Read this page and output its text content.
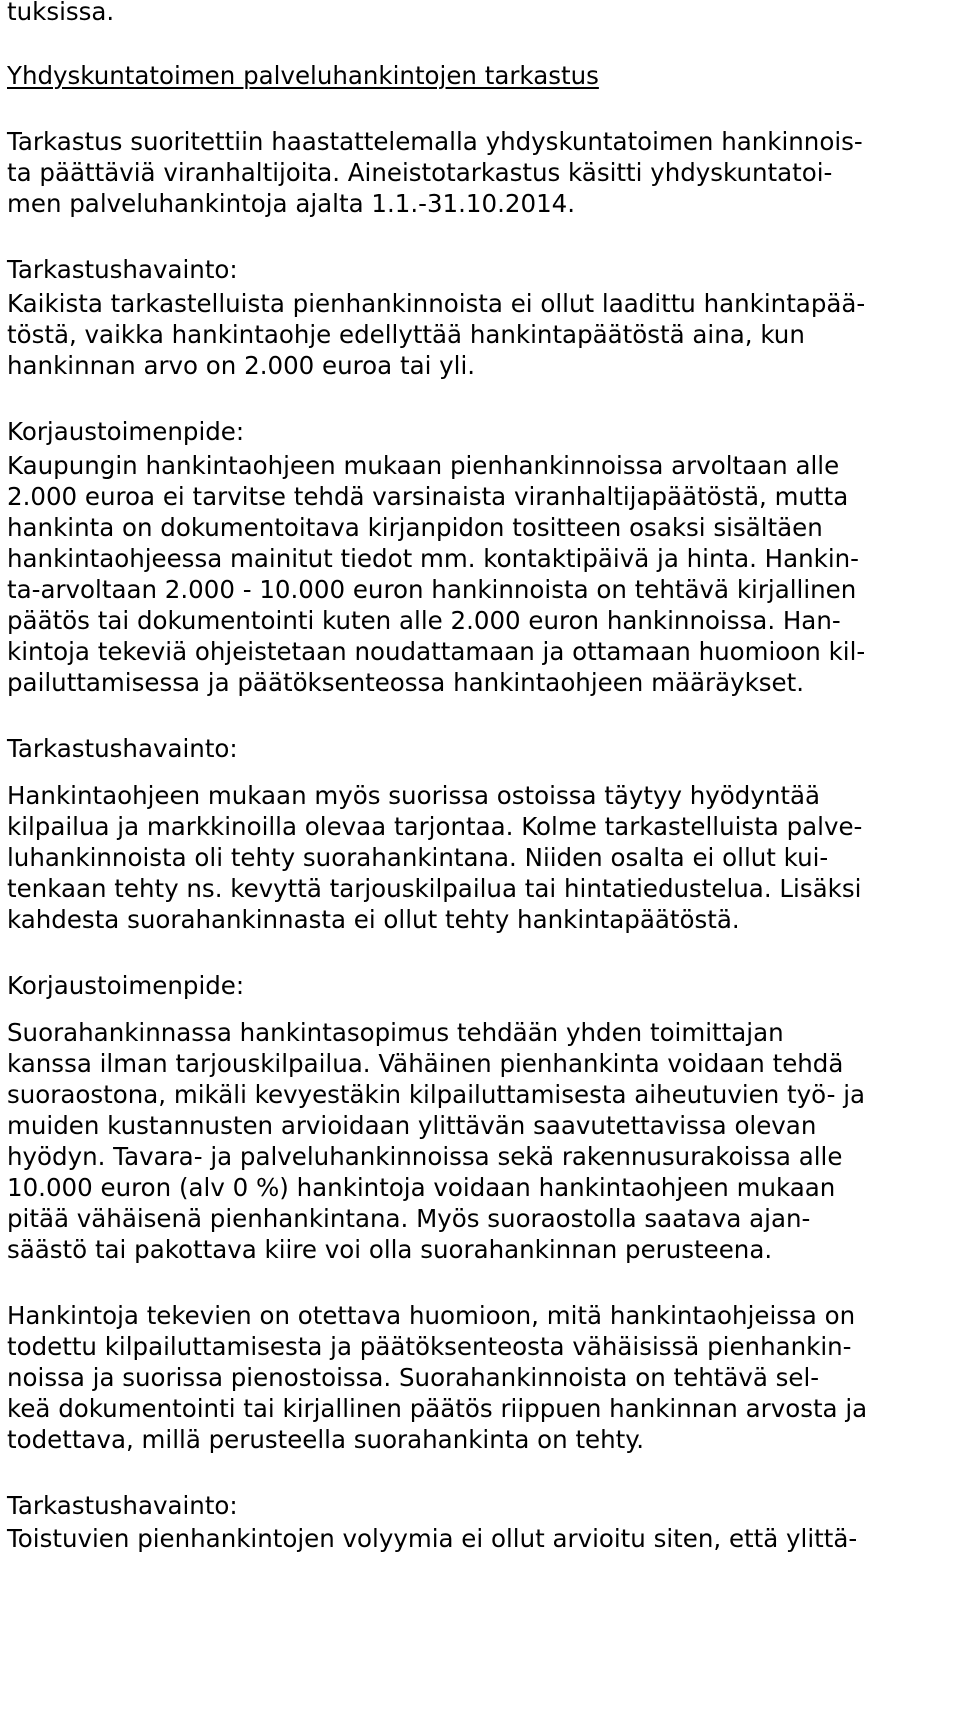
tuksissa.

Yhdyskuntatoimen palveluhankintojen tarkastus

Tarkastus suoritettiin haastattelemalla yhdyskuntatoimen hankinnois-

ta päättäviä viranhaltijoita. Aineistotarkastus käsitti yhdyskuntatoi-

men palveluhankintoja ajalta 1.1.-31.10.2014.

Tarkastushavainto:

Kaikista tarkastelluista pienhankinnoista ei ollut laadittu hankintapää-

töstä, vaikka hankintaohje edellyttää hankintapäätöstä aina, kun

hankinnan arvo on 2.000 euroa tai yli.

Korjaustoimenpide:

Kaupungin hankintaohjeen mukaan pienhankinnoissa arvoltaan alle

2.000 euroa ei tarvitse tehdä varsinaista viranhaltijapäätöstä, mutta

hankinta on dokumentoitava kirjanpidon tositteen osaksi sisältäen

hankintaohjeessa mainitut tiedot mm. kontaktipäivä ja hinta. Hankin-

ta-arvoltaan 2.000 - 10.000 euron hankinnoista on tehtävä kirjallinen

päätös tai dokumentointi kuten alle 2.000 euron hankinnoissa. Han-

kintoja tekeviä ohjeistetaan noudattamaan ja ottamaan huomioon kil-

pailuttamisessa ja päätöksenteossa hankintaohjeen määräykset.

Tarkastushavainto:

Hankintaohjeen mukaan myös suorissa ostoissa täytyy hyödyntää

kilpailua ja markkinoilla olevaa tarjontaa. Kolme tarkastelluista palve-

luhankinnoista oli tehty suorahankintana. Niiden osalta ei ollut kui-

tenkaan tehty ns. kevyttä tarjouskilpailua tai hintatiedustelua. Lisäksi

kahdesta suorahankinnasta ei ollut tehty hankintapäätöstä.

Korjaustoimenpide:

Suorahankinnassa hankintasopimus tehdään yhden toimittajan

kanssa ilman tarjouskilpailua. Vähäinen pienhankinta voidaan tehdä

suoraostona, mikäli kevyestäkin kilpailuttamisesta aiheutuvien työ- ja

muiden kustannusten arvioidaan ylittävän saavutettavissa olevan

hyödyn. Tavara- ja palveluhankinnoissa sekä rakennusurakoissa alle

10.000 euron (alv 0 %) hankintoja voidaan hankintaohjeen mukaan

pitää vähäisenä pienhankintana. Myös suoraostolla saatava ajan-

säästö tai pakottava kiire voi olla suorahankinnan perusteena.

Hankintoja tekevien on otettava huomioon, mitä hankintaohjeissa on

todettu kilpailuttamisesta ja päätöksenteosta vähäisissä pienhankin-

noissa ja suorissa pienostoissa. Suorahankinnoista on tehtävä sel-

keä dokumentointi tai kirjallinen päätös riippuen hankinnan arvosta ja

todettava, millä perusteella suorahankinta on tehty.

Tarkastushavainto:

Toistuvien pienhankintojen volyymia ei ollut arvioitu siten, että ylittä-
